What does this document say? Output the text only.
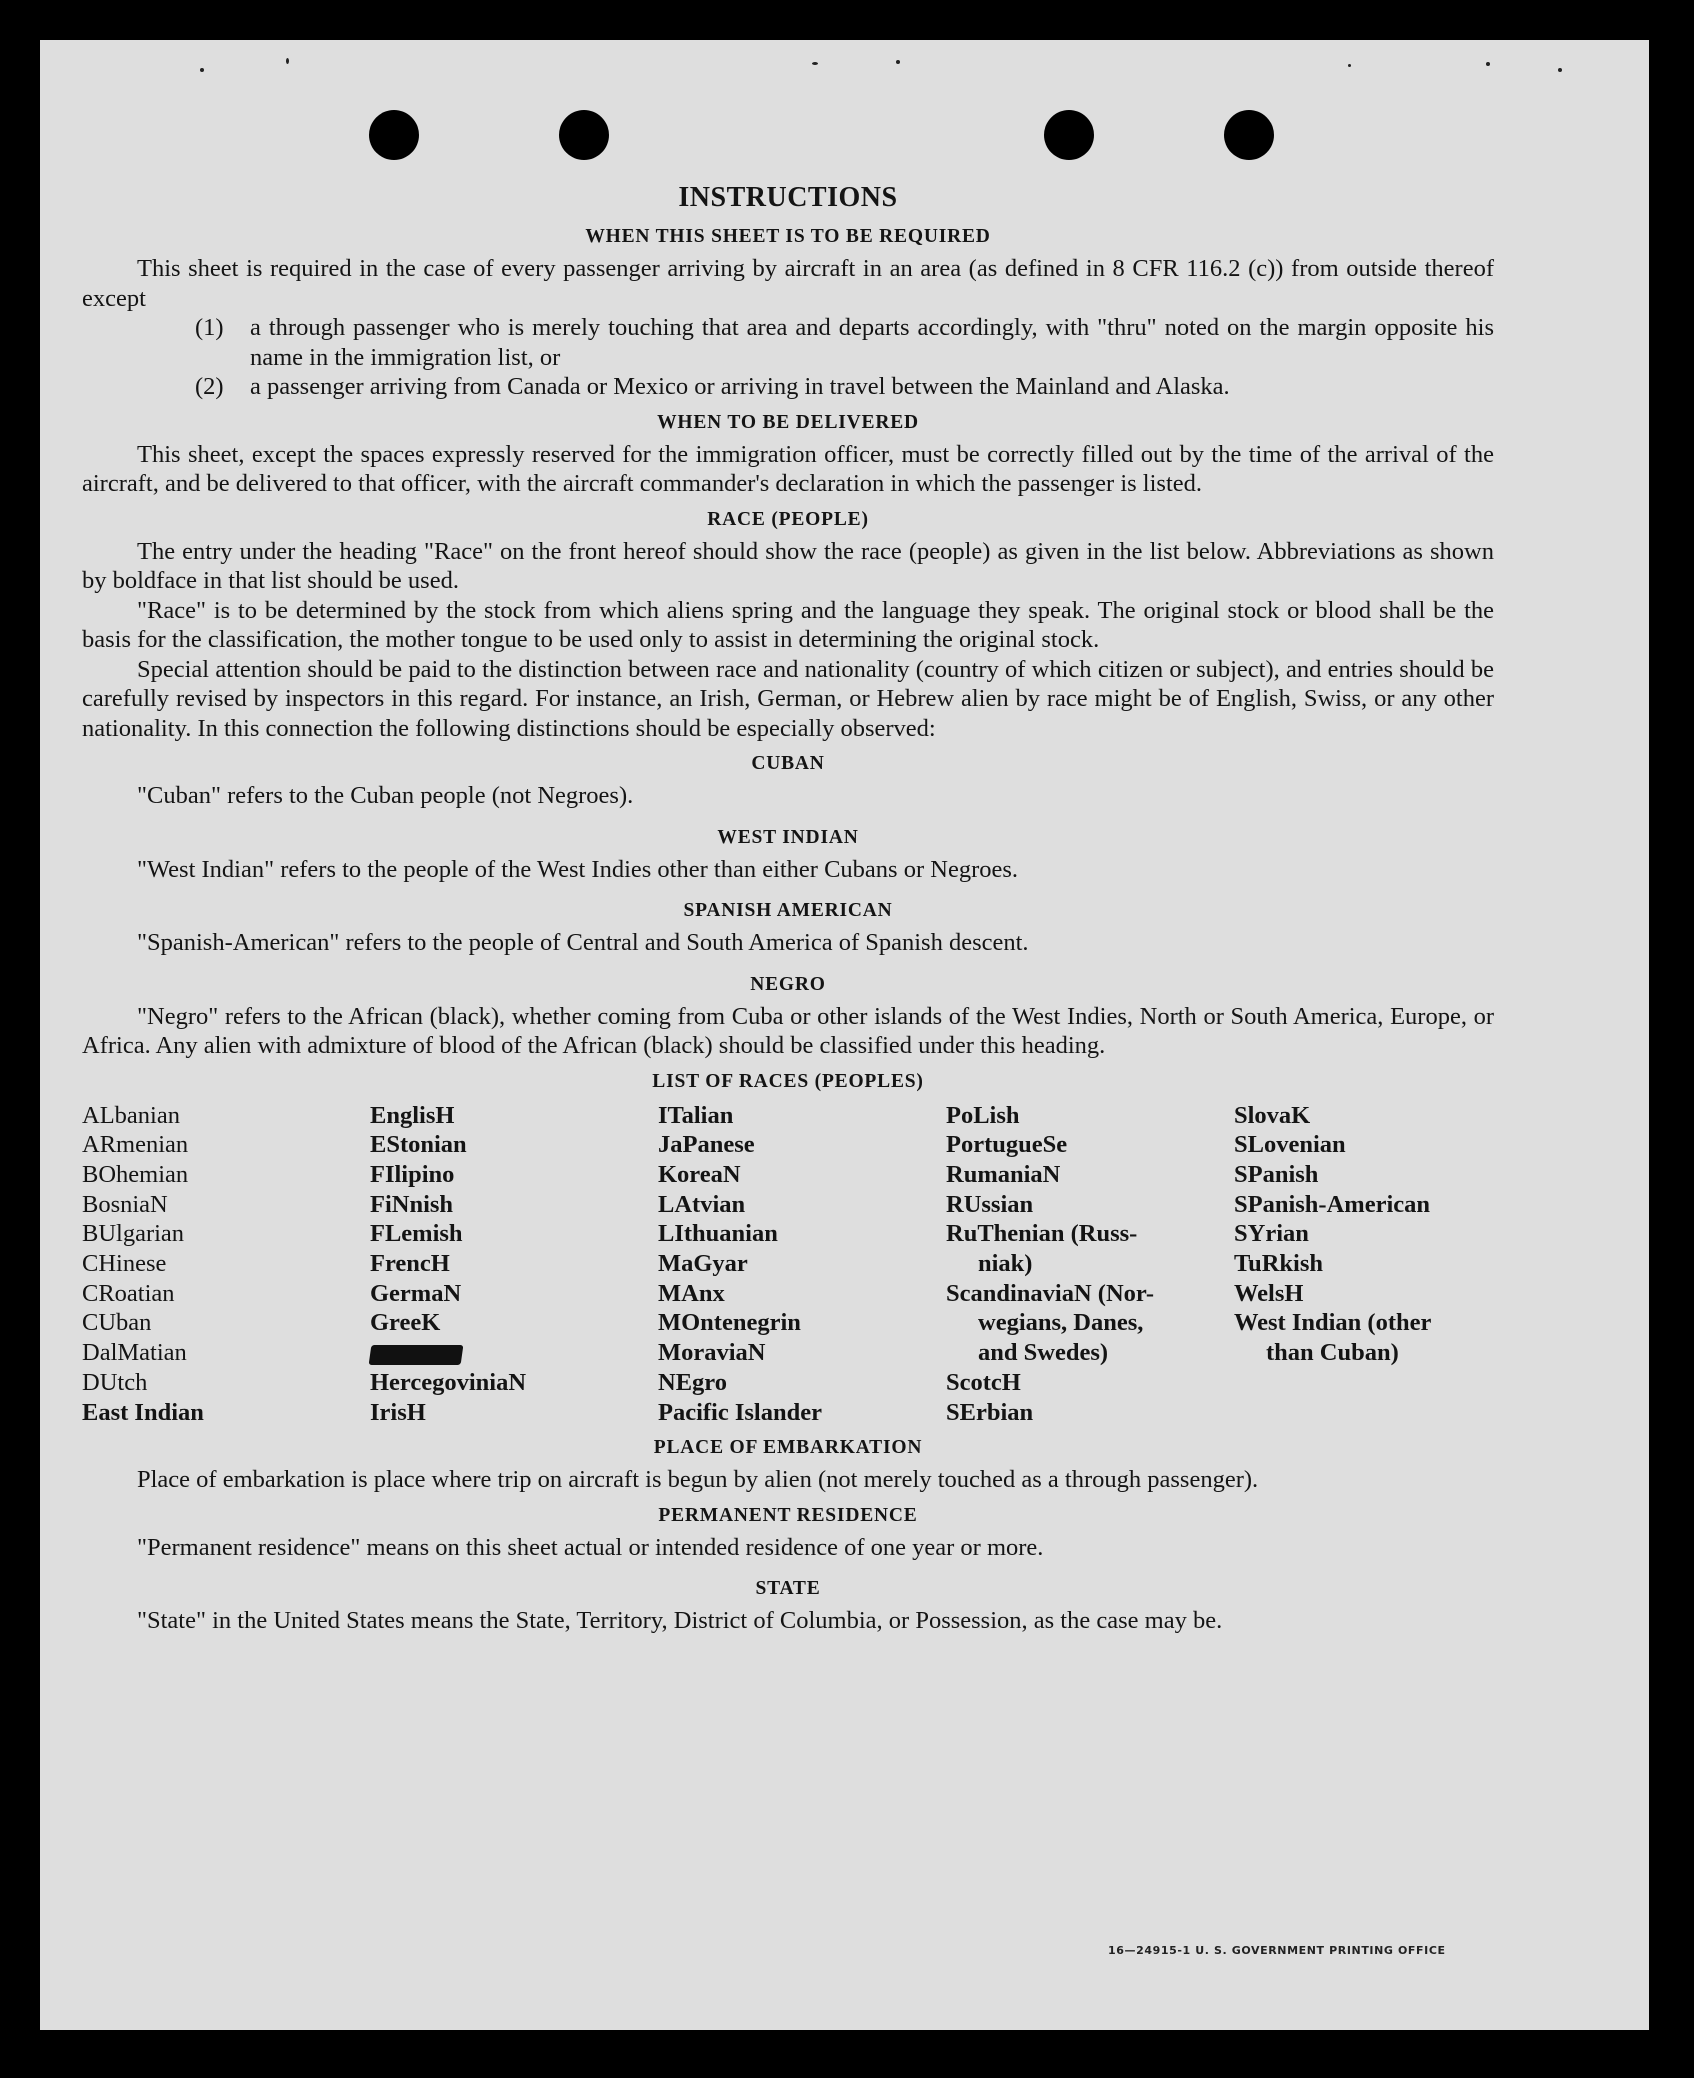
INSTRUCTIONS
WHEN THIS SHEET IS TO BE REQUIRED

This sheet is required in the case of every passenger arriving by aircraft in an area (as defined in 8 CFR 116.2 (c)) from outside thereof except

(1)	a through passenger who is merely touching that area and departs accordingly, with "thru" noted on the margin opposite his name in the immigration list, or
(2)	a passenger arriving from Canada or Mexico or arriving in travel between the Mainland and Alaska.
WHEN TO BE DELIVERED

This sheet, except the spaces expressly reserved for the immigration officer, must be correctly filled out by the time of the arrival of the aircraft, and be delivered to that officer, with the aircraft commander's declaration in which the passenger is listed.

RACE (PEOPLE)

The entry under the heading "Race" on the front hereof should show the race (people) as given in the list below. Abbreviations as shown by boldface in that list should be used.

"Race" is to be determined by the stock from which aliens spring and the language they speak. The original stock or blood shall be the basis for the classification, the mother tongue to be used only to assist in determining the original stock.

Special attention should be paid to the distinction between race and nationality (country of which citizen or subject), and entries should be carefully revised by inspectors in this regard. For instance, an Irish, German, or Hebrew alien by race might be of English, Swiss, or any other nationality. In this connection the following distinctions should be especially observed:

CUBAN

"Cuban" refers to the Cuban people (not Negroes).

WEST INDIAN

"West Indian" refers to the people of the West Indies other than either Cubans or Negroes.

SPANISH AMERICAN

"Spanish-American" refers to the people of Central and South America of Spanish descent.

NEGRO

"Negro" refers to the African (black), whether coming from Cuba or other islands of the West Indies, North or South America, Europe, or Africa. Any alien with admixture of blood of the African (black) should be classified under this heading.

LIST OF RACES (PEOPLES)
ALbanian
ARmenian
BOhemian
BosniaN
BUlgarian
CHinese
CRoatian
CUban
DalMatian
DUtch
East Indian
EnglisH
EStonian
FIlipino
FiNnish
FLemish
FrencH
GermaN
GreeK
HercegoviniaN
IrisH
ITalian
JaPanese
KoreaN
LAtvian
LIthuanian
MaGyar
MAnx
MOntenegrin
MoraviaN
NEgro
Pacific Islander
PoLish
PortugueSe
RumaniaN
RUssian
RuThenian (Russ-
niak)
ScandinaviaN (Nor-
wegians, Danes,
and Swedes)
ScotcH
SErbian
SlovaK
SLovenian
SPanish
SPanish-American
SYrian
TuRkish
WelsH
West Indian (other
than Cuban)
PLACE OF EMBARKATION

Place of embarkation is place where trip on aircraft is begun by alien (not merely touched as a through passenger).

PERMANENT RESIDENCE

"Permanent residence" means on this sheet actual or intended residence of one year or more.

STATE

"State" in the United States means the State, Territory, District of Columbia, or Possession, as the case may be.

16—24915-1 U. S. GOVERNMENT PRINTING OFFICE
